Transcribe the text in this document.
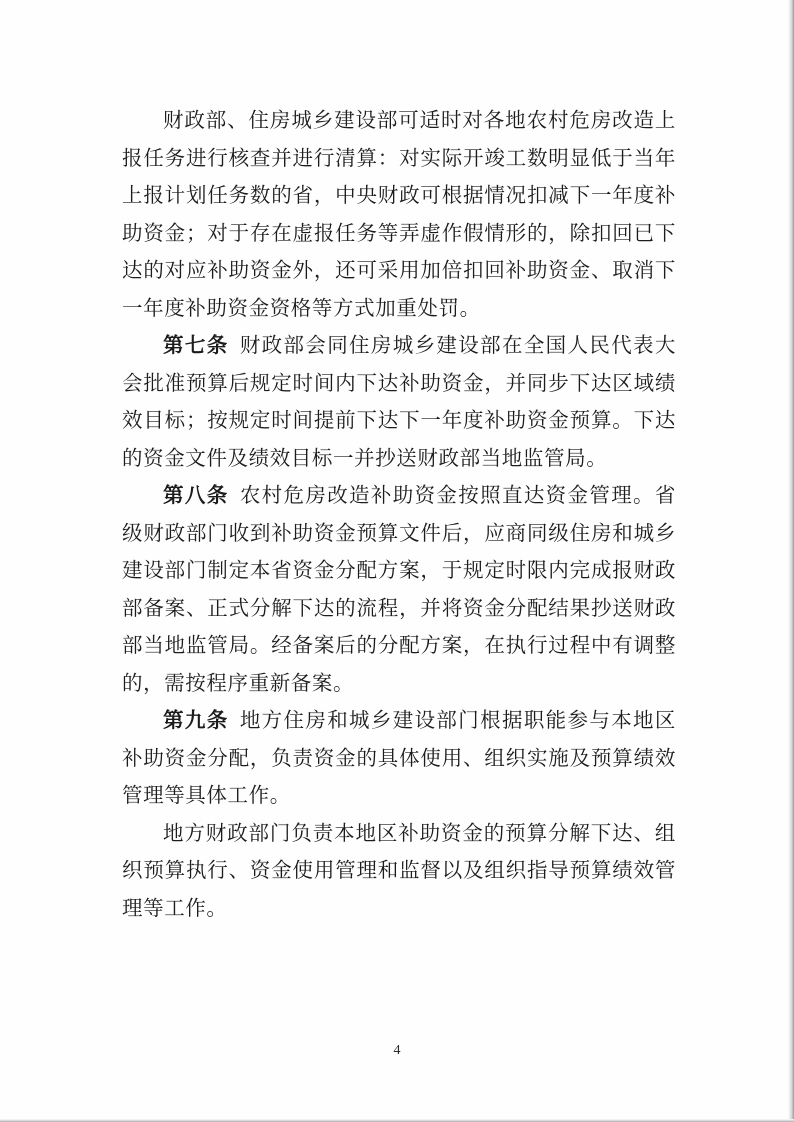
财政部、住房城乡建设部可适时对各地农村危房改造上报任务进行核查并进行清算：对实际开竣工数明显低于当年上报计划任务数的省，中央财政可根据情况扣减下一年度补助资金；对于存在虚报任务等弄虚作假情形的，除扣回已下达的对应补助资金外，还可采用加倍扣回补助资金、取消下一年度补助资金资格等方式加重处罚。

第七条 财政部会同住房城乡建设部在全国人民代表大会批准预算后规定时间内下达补助资金，并同步下达区域绩效目标；按规定时间提前下达下一年度补助资金预算。下达的资金文件及绩效目标一并抄送财政部当地监管局。

第八条 农村危房改造补助资金按照直达资金管理。省级财政部门收到补助资金预算文件后，应商同级住房和城乡建设部门制定本省资金分配方案，于规定时限内完成报财政部备案、正式分解下达的流程，并将资金分配结果抄送财政部当地监管局。经备案后的分配方案，在执行过程中有调整的，需按程序重新备案。

第九条 地方住房和城乡建设部门根据职能参与本地区补助资金分配，负责资金的具体使用、组织实施及预算绩效管理等具体工作。

地方财政部门负责本地区补助资金的预算分解下达、组织预算执行、资金使用管理和监督以及组织指导预算绩效管理等工作。

4
